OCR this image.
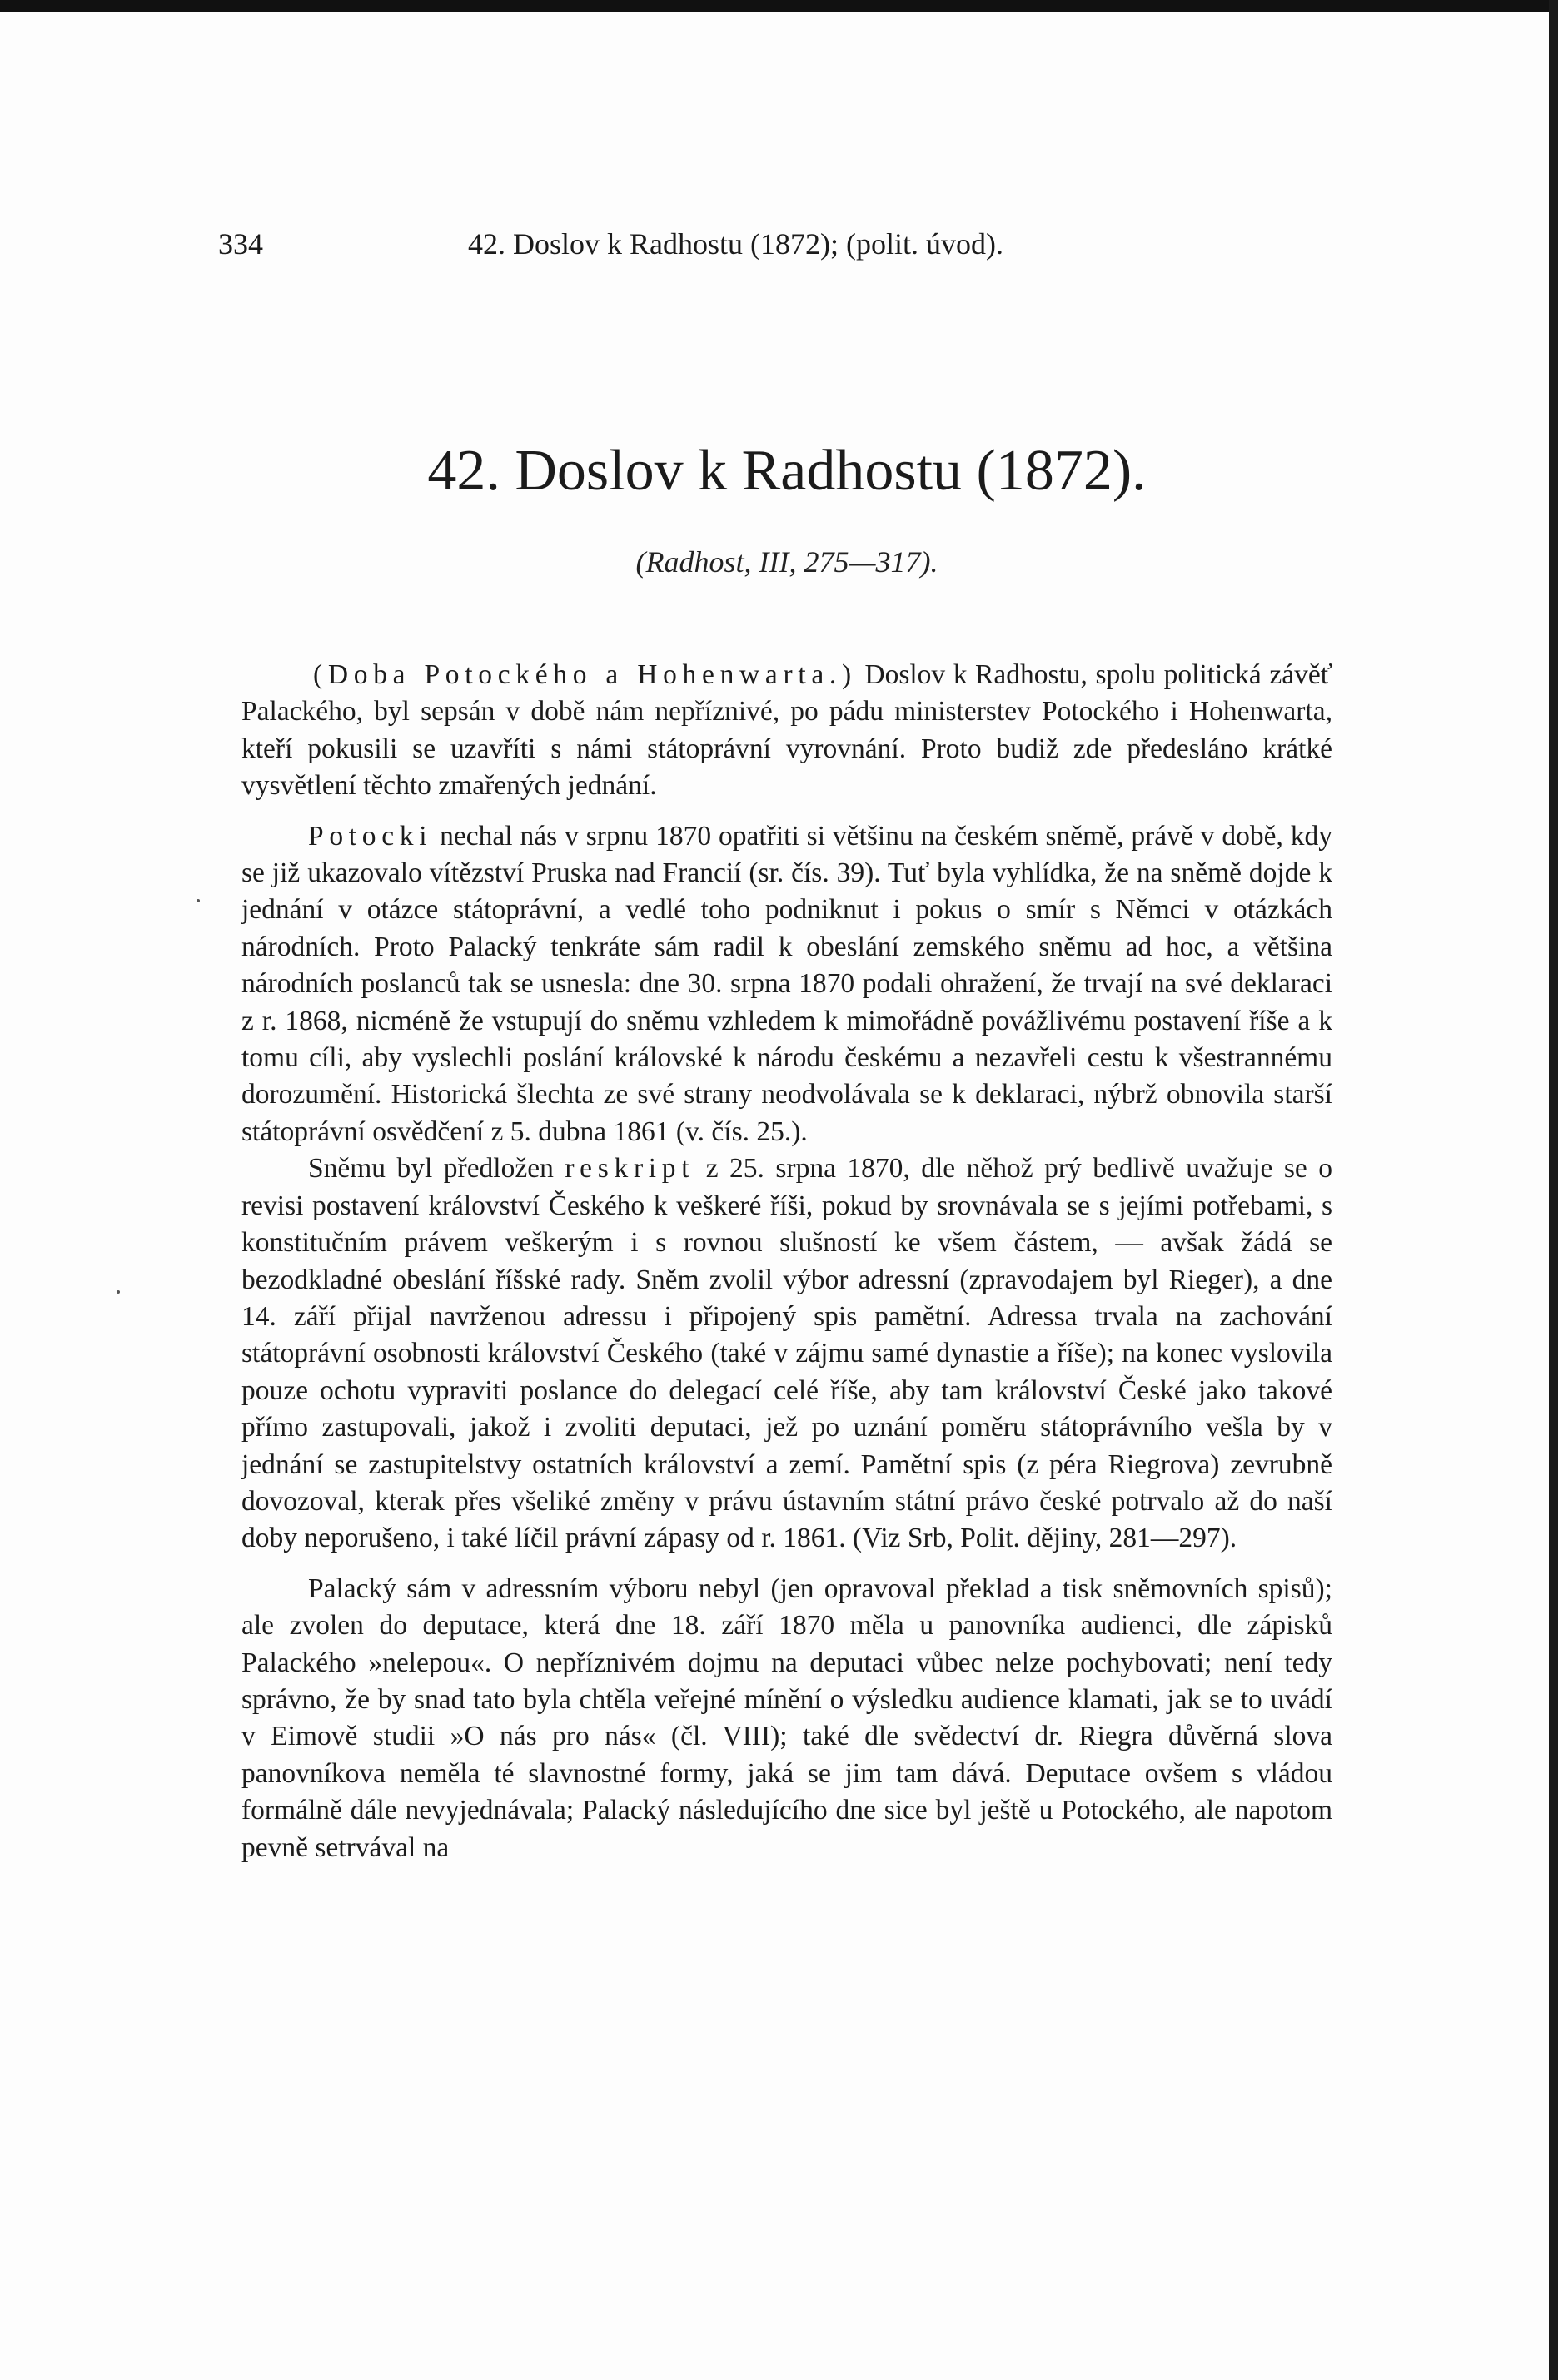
334	42. Doslov k Radhostu (1872); (polit. úvod).
42. Doslov k Radhostu (1872).
(Radhost, III, 275—317).

(Doba Potockého a Hohenwarta.) Doslov k Radhostu, spolu politická závěť Palackého, byl sepsán v době nám nepříznivé, po pádu ministerstev Potockého i Hohenwarta, kteří pokusili se uzavříti s námi státoprávní vyrovnání. Proto budiž zde předesláno krátké vysvětlení těchto zmařených jednání.

Potocki nechal nás v srpnu 1870 opatřiti si většinu na českém sněmě, právě v době, kdy se již ukazovalo vítězství Pruska nad Francií (sr. čís. 39). Tuť byla vyhlídka, že na sněmě dojde k jednání v otázce státoprávní, a vedlé toho podniknut i pokus o smír s Němci v otázkách národních. Proto Palacký tenkráte sám radil k obeslání zemského sněmu ad hoc, a většina národních poslanců tak se usnesla: dne 30. srpna 1870 podali ohražení, že trvají na své deklaraci z r. 1868, nicméně že vstupují do sněmu vzhledem k mimořádně povážlivému postavení říše a k tomu cíli, aby vyslechli poslání královské k národu českému a nezavřeli cestu k všestrannému dorozumění. Historická šlechta ze své strany neodvolávala se k deklaraci, nýbrž obnovila starší státoprávní osvědčení z 5. dubna 1861 (v. čís. 25.).

Sněmu byl předložen reskript z 25. srpna 1870, dle něhož prý bedlivě uvažuje se o revisi postavení království Českého k veškeré říši, pokud by srovnávala se s jejími potřebami, s konstitučním právem veškerým i s rovnou slušností ke všem částem, — avšak žádá se bezodkladné obeslání říšské rady. Sněm zvolil výbor adressní (zpravodajem byl Rieger), a dne 14. září přijal navrženou adressu i připojený spis pamětní. Adressa trvala na zachování státoprávní osobnosti království Českého (také v zájmu samé dynastie a říše); na konec vyslovila pouze ochotu vypraviti poslance do delegací celé říše, aby tam království České jako takové přímo zastupovali, jakož i zvoliti deputaci, jež po uznání poměru státoprávního vešla by v jednání se zastupitelstvy ostatních království a zemí. Pamětní spis (z péra Riegrova) zevrubně dovozoval, kterak přes všeliké změny v právu ústavním státní právo české potrvalo až do naší doby neporušeno, i také líčil právní zápasy od r. 1861. (Viz Srb, Polit. dějiny, 281—297).

Palacký sám v adressním výboru nebyl (jen opravoval překlad a tisk sněmovních spisů); ale zvolen do deputace, která dne 18. září 1870 měla u panovníka audienci, dle zápisků Palackého »nelepou«. O nepříznivém dojmu na deputaci vůbec nelze pochybovati; není tedy správno, že by snad tato byla chtěla veřejné mínění o výsledku audience klamati, jak se to uvádí v Eimově studii »O nás pro nás« (čl. VIII); také dle svědectví dr. Riegra důvěrná slova panovníkova neměla té slavnostné formy, jaká se jim tam dává. Deputace ovšem s vládou formálně dále nevyjednávala; Palacký následujícího dne sice byl ještě u Potockého, ale napotom pevně setrvával na
